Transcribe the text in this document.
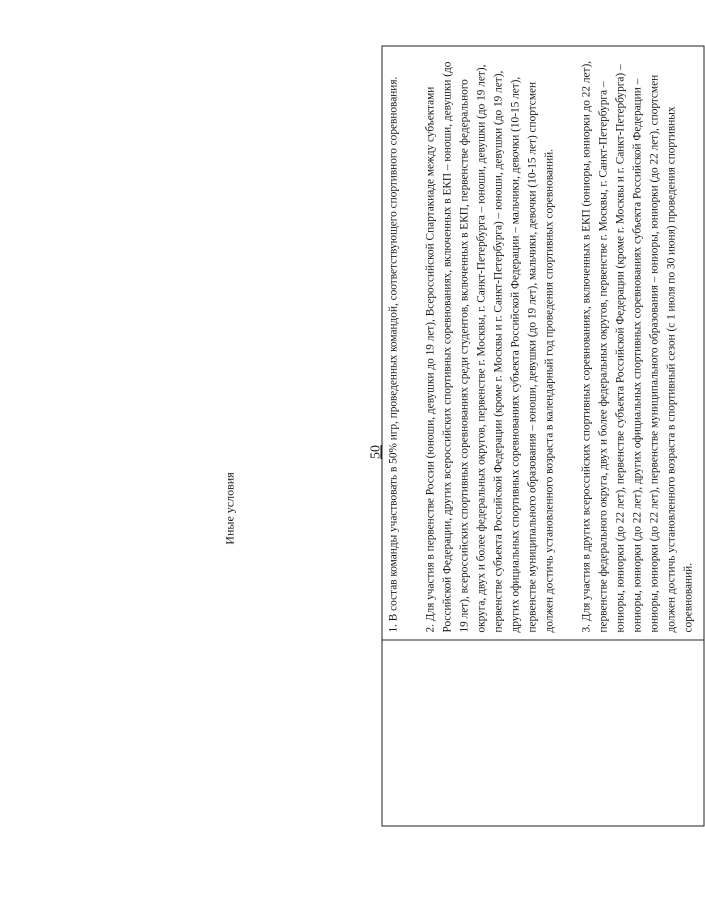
50
	1. В состав команды участвовать в 50% игр, проведенных командой, соответствующего спортивного соревнования. 2. Для участия в первенстве России (юноши, девушки до 19 лет), Всероссийской Спартакиаде между субъектами Российской Федерации, других всероссийских спортивных соревнованиях, включенных в ЕКП – юноши, девушки (до 19 лет), всероссийских спортивных соревнованиях среди студентов, включенных в ЕКП, первенстве федерального округа, двух и более федеральных округов, первенстве г. Москвы, г. Санкт-Петербурга – юноши, девушки (до 19 лет), первенстве субъекта Российской Федерации (кроме г. Москвы и г. Санкт-Петербурга) – юноши, девушки (до 19 лет), других официальных спортивных соревнованиях субъекта Российской Федерации – мальчики, девочки (10-15 лет), первенстве муниципального образования – юноши, девушки (до 19 лет), мальчики, девочки (10-15 лет) спортсмен должен достичь установленного возраста в календарный год проведения спортивных соревнований. 3. Для участия в других всероссийских спортивных соревнованиях, включенных в ЕКП (юниоры, юниорки до 22 лет), первенстве федерального округа, двух и более федеральных округов, первенстве г. Москвы, г. Санкт-Петербурга – юниоры, юниорки (до 22 лет), первенстве субъекта Российской Федерации (кроме г. Москвы и г. Санкт-Петербурга) – юниоры, юниорки (до 22 лет), других официальных спортивных соревнованиях субъекта Российской Федерации – юниоры, юниорки (до 22 лет), первенстве муниципального образования – юниоры, юниорки (до 22 лет), спортсмен должен достичь установленного возраста в спортивный сезон (с 1 июля по 30 июня) проведения спортивных соревнований.

Иные условия
